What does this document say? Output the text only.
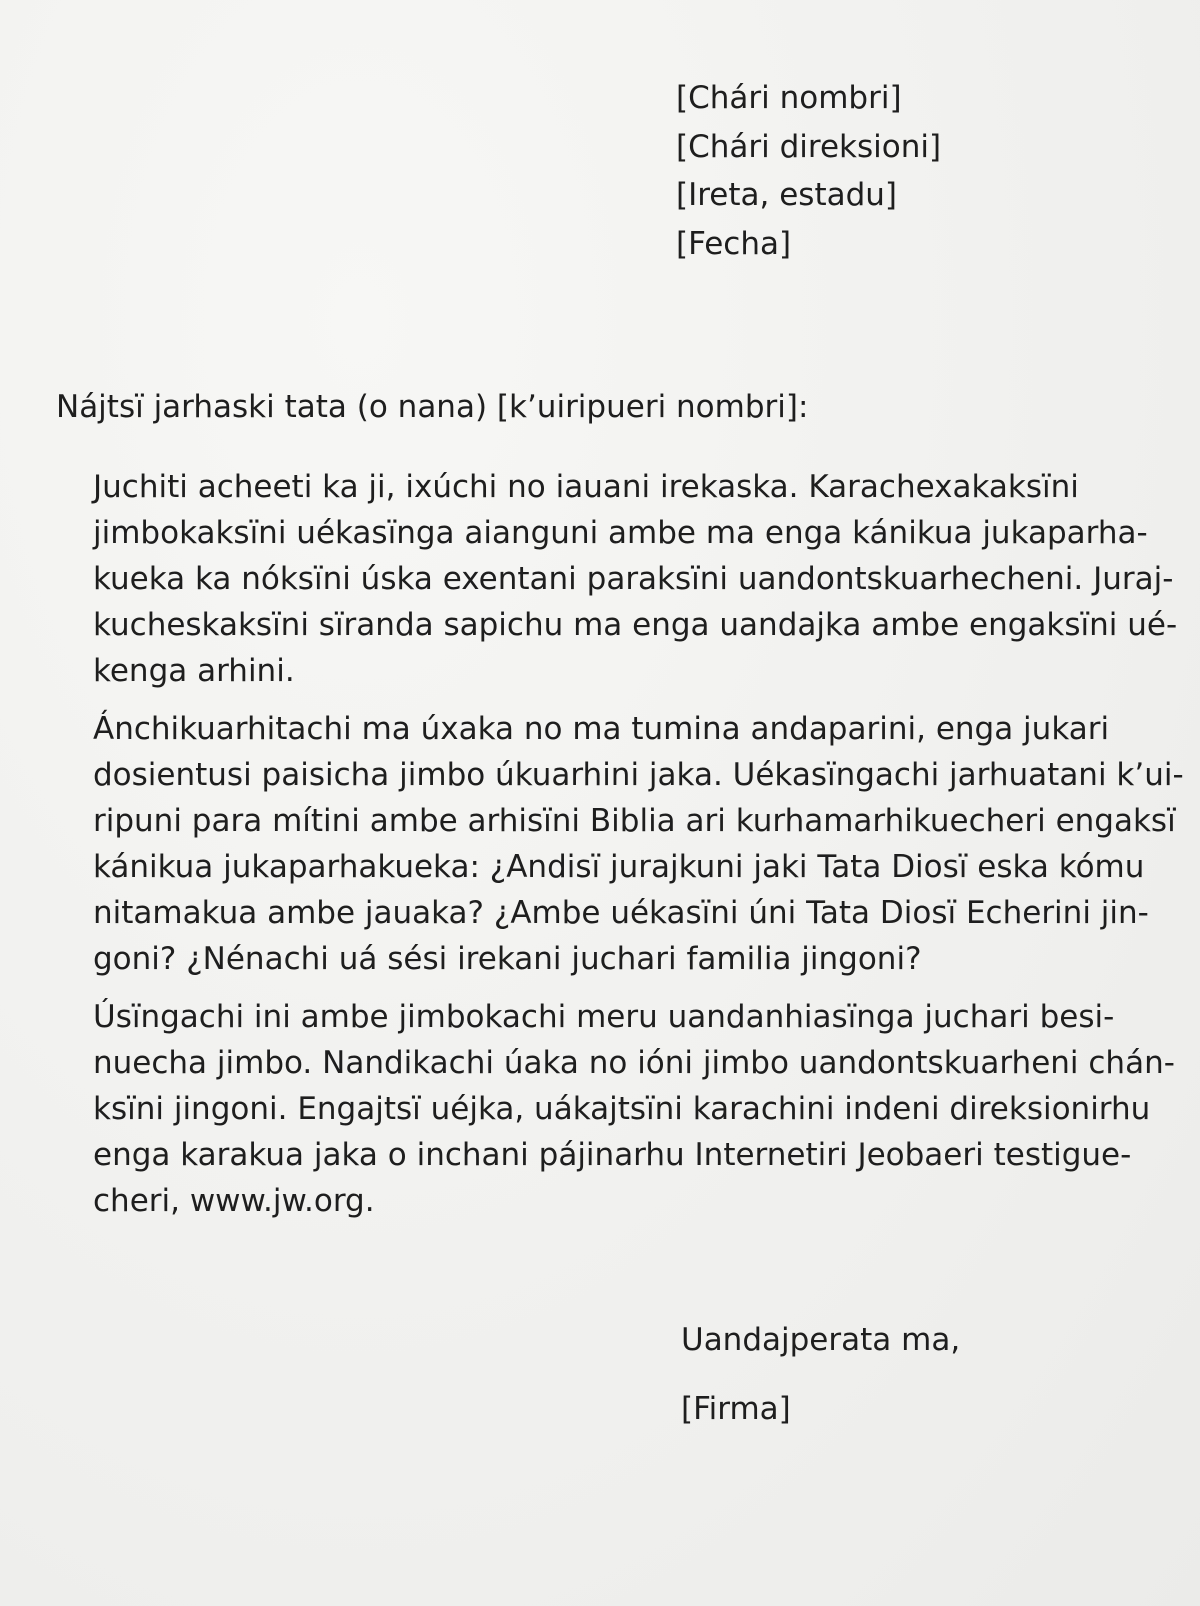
[Chári nombri]
[Chári direksioni]
[Ireta, estadu]
[Fecha]
Nájtsï jarhaski tata (o nana) [k’uiripueri nombri]:

Juchiti acheeti ka ji, ixúchi no iauani irekaska. Karachexakaksïni
jimbokaksïni uékasïnga aianguni ambe ma enga kánikua jukaparha-
kueka ka nóksïni úska exentani paraksïni uandontskuarhecheni. Juraj-
kucheskaksïni sïranda sapichu ma enga uandajka ambe engaksïni ué-
kenga arhini.

Ánchikuarhitachi ma úxaka no ma tumina andaparini, enga jukari
dosientusi paisicha jimbo úkuarhini jaka. Uékasïngachi jarhuatani k’ui-
ripuni para mítini ambe arhisïni Biblia ari kurhamarhikuecheri engaksï
kánikua jukaparhakueka: ¿Andisï jurajkuni jaki Tata Diosï eska kómu
nitamakua ambe jauaka? ¿Ambe uékasïni úni Tata Diosï Echerini jin-
goni? ¿Nénachi uá sési irekani juchari familia jingoni?

Úsïngachi ini ambe jimbokachi meru uandanhiasïnga juchari besi-
nuecha jimbo. Nandikachi úaka no ióni jimbo uandontskuarheni chán-
ksïni jingoni. Engajtsï uéjka, uákajtsïni karachini indeni direksionirhu
enga karakua jaka o inchani pájinarhu Internetiri Jeobaeri testigue-
cheri, www.jw.org.

Uandajperata ma,
[Firma]
